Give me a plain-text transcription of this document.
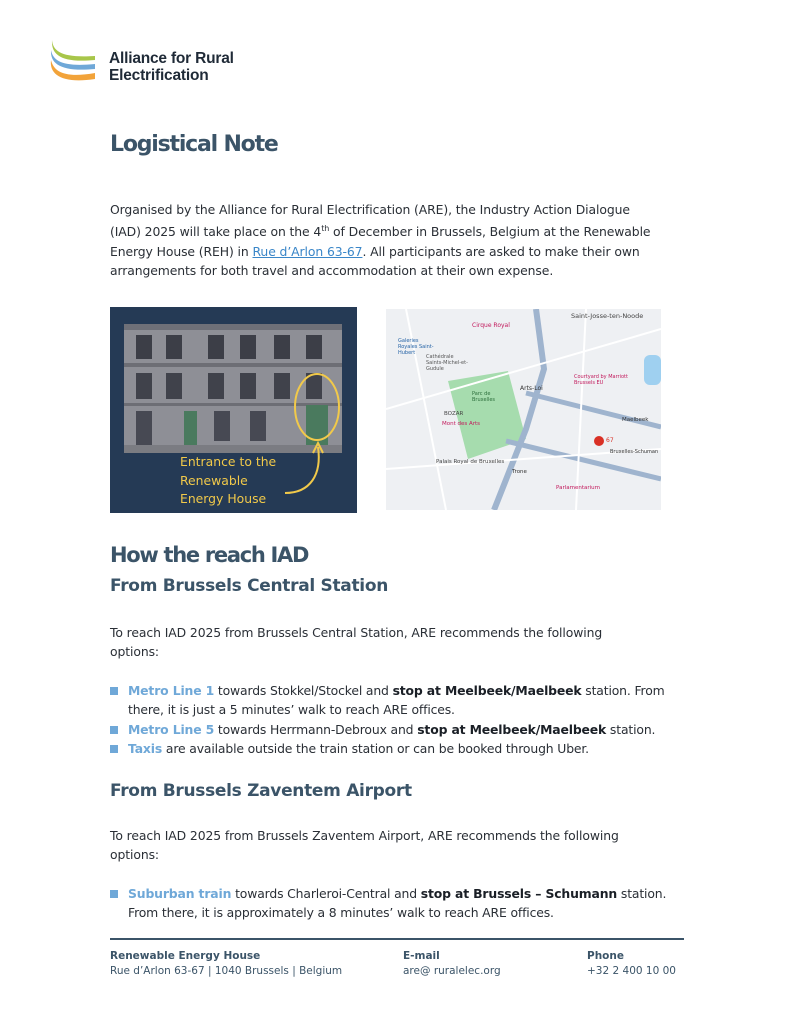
Alliance for Rural
Electrification
Logistical Note

Organised by the Alliance for Rural Electrification (ARE), the Industry Action Dialogue (IAD) 2025 will take place on the 4th of December in Brussels, Belgium at the Renewable Energy House (REH) in Rue d’Arlon 63-67. All participants are asked to make their own arrangements for both travel and accommodation at their own expense.

Entrance to the
Renewable
Energy House
Saint-Josse-ten-Noode
Cirque Royal
Galeries Royales Saint-Hubert
Cathédrale Saints-Michel-et-Gudule
Parc de Bruxelles
Arts-Loi
Courtyard by Marriott Brussels EU
Maelbeek
Mont des Arts
BOZAR
Palais Royal de Bruxelles
Bruxelles-Schuman
Parlamentarium
Trone
67
How the reach IAD
From Brussels Central Station

To reach IAD 2025 from Brussels Central Station, ARE recommends the following options:

Metro Line 1 towards Stokkel/Stockel and stop at Meelbeek/Maelbeek station. From there, it is just a 5 minutes’ walk to reach ARE offices.
Metro Line 5 towards Herrmann-Debroux and stop at Meelbeek/Maelbeek station.
Taxis are available outside the train station or can be booked through Uber.
From Brussels Zaventem Airport

To reach IAD 2025 from Brussels Zaventem Airport, ARE recommends the following options:

Suburban train towards Charleroi-Central and stop at Brussels – Schumann station. From there, it is approximately a 8 minutes’ walk to reach ARE offices.
Renewable Energy House
Rue d’Arlon 63-67 | 1040 Brussels | Belgium
E-mail
are@ ruralelec.org
Phone
+32 2 400 10 00
